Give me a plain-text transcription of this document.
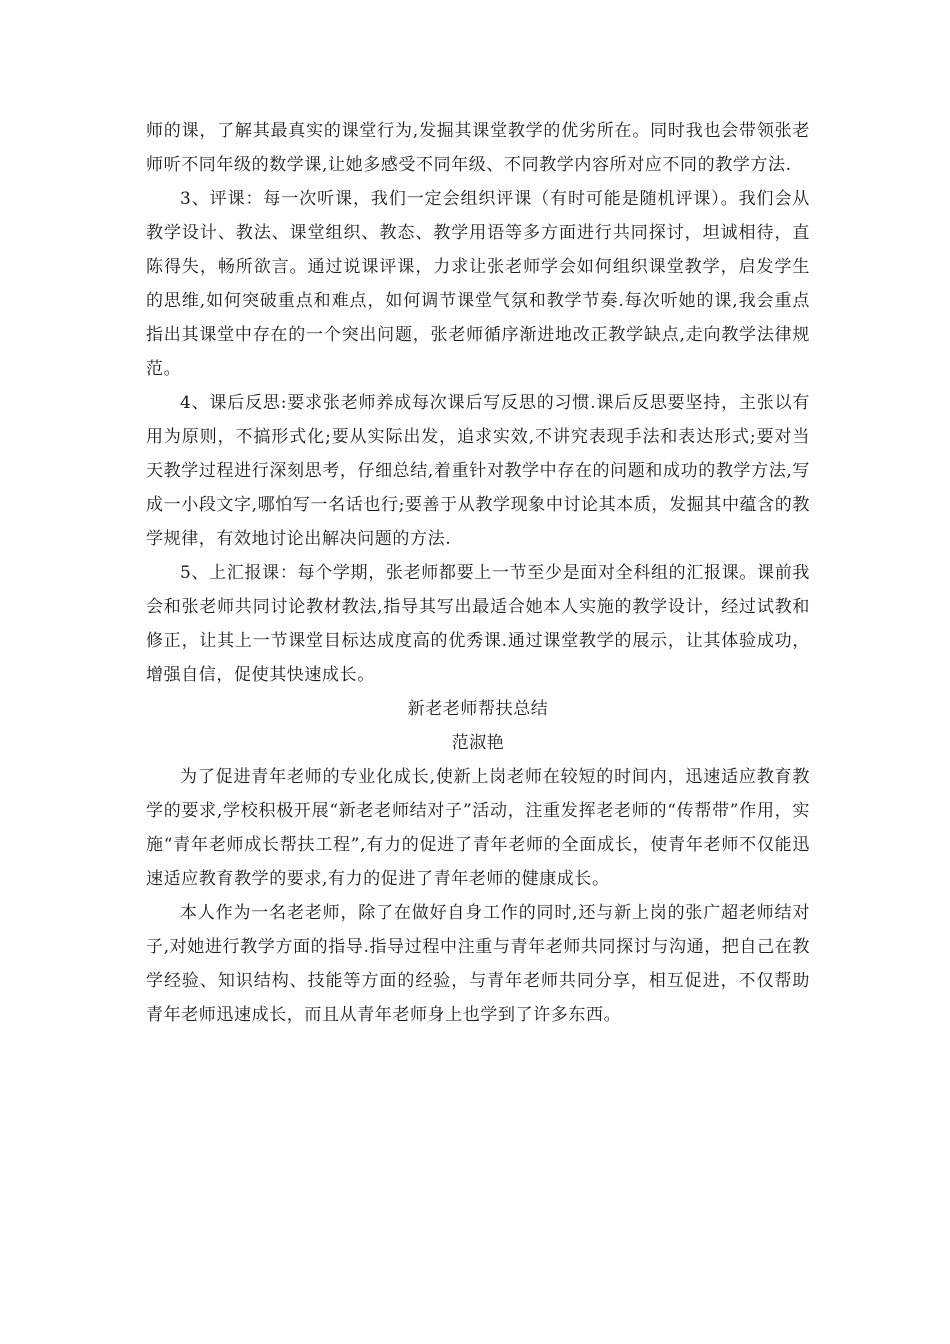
师的课，了解其最真实的课堂行为,发掘其课堂教学的优劣所在。同时我也会带领张老师听不同年级的数学课,让她多感受不同年级、不同教学内容所对应不同的教学方法.

3、评课：每一次听课，我们一定会组织评课（有时可能是随机评课）。我们会从教学设计、教法、课堂组织、教态、教学用语等多方面进行共同探讨，坦诚相待，直陈得失，畅所欲言。通过说课评课，力求让张老师学会如何组织课堂教学，启发学生的思维,如何突破重点和难点，如何调节课堂气氛和教学节奏.每次听她的课,我会重点指出其课堂中存在的一个突出问题，张老师循序渐进地改正教学缺点,走向教学法律规范。

4、课后反思:要求张老师养成每次课后写反思的习惯.课后反思要坚持，主张以有用为原则，不搞形式化;要从实际出发，追求实效,不讲究表现手法和表达形式;要对当天教学过程进行深刻思考，仔细总结,着重针对教学中存在的问题和成功的教学方法,写成一小段文字,哪怕写一名话也行;要善于从教学现象中讨论其本质，发掘其中蕴含的教学规律，有效地讨论出解决问题的方法.

5、上汇报课：每个学期，张老师都要上一节至少是面对全科组的汇报课。课前我会和张老师共同讨论教材教法,指导其写出最适合她本人实施的教学设计，经过试教和修正，让其上一节课堂目标达成度高的优秀课.通过课堂教学的展示，让其体验成功，增强自信，促使其快速成长。

新老老师帮扶总结

范淑艳

为了促进青年老师的专业化成长,使新上岗老师在较短的时间内，迅速适应教育教学的要求,学校积极开展“新老老师结对子”活动，注重发挥老老师的“传帮带”作用，实施“青年老师成长帮扶工程”,有力的促进了青年老师的全面成长，使青年老师不仅能迅速适应教育教学的要求,有力的促进了青年老师的健康成长。

本人作为一名老老师，除了在做好自身工作的同时,还与新上岗的张广超老师结对子,对她进行教学方面的指导.指导过程中注重与青年老师共同探讨与沟通，把自己在教学经验、知识结构、技能等方面的经验，与青年老师共同分享，相互促进，不仅帮助青年老师迅速成长，而且从青年老师身上也学到了许多东西。
